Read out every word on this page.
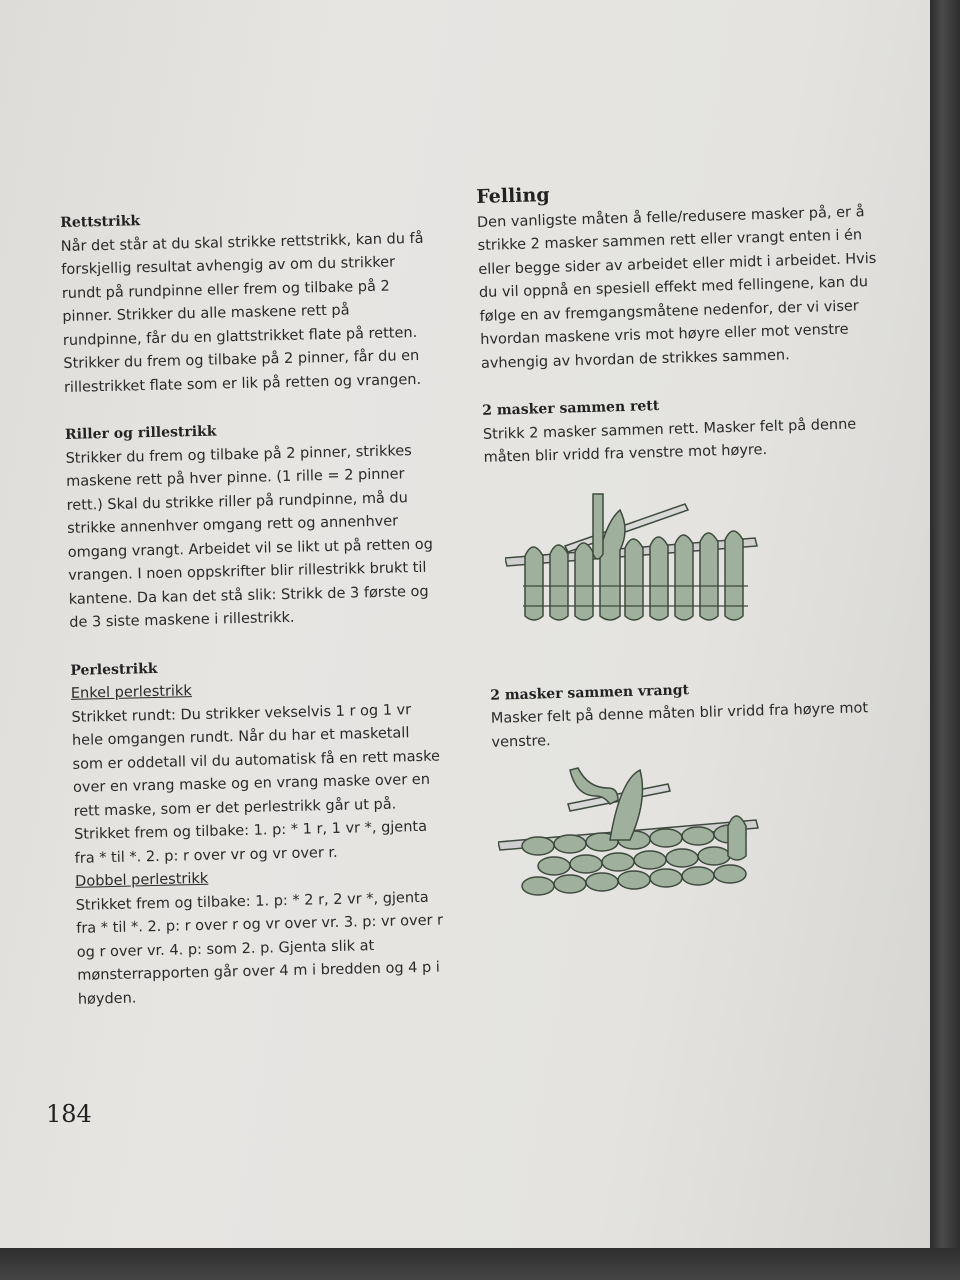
Rettstrikk

Når det står at du skal strikke rettstrikk, kan du få forskjellig resultat avhengig av om du strikker rundt på rundpinne eller frem og tilbake på 2 pinner. Strikker du alle maskene rett på rundpinne, får du en glattstrikket flate på retten. Strikker du frem og tilbake på 2 pinner, får du en rillestrikket flate som er lik på retten og vrangen.

Riller og rillestrikk

Strikker du frem og tilbake på 2 pinner, strikkes maskene rett på hver pinne. (1 rille = 2 pinner rett.) Skal du strikke riller på rundpinne, må du strikke annenhver omgang rett og annenhver omgang vrangt. Arbeidet vil se likt ut på retten og vrangen. I noen oppskrifter blir rillestrikk brukt til kantene. Da kan det stå slik: Strikk de 3 første og de 3 siste maskene i rillestrikk.

Perlestrikk

Enkel perlestrikk

Strikket rundt: Du strikker vekselvis 1 r og 1 vr hele omgangen rundt. Når du har et masketall som er oddetall vil du automatisk få en rett maske over en vrang maske og en vrang maske over en rett maske, som er det perlestrikk går ut på.

Strikket frem og tilbake: 1. p: * 1 r, 1 vr *, gjenta fra * til *. 2. p: r over vr og vr over r.

Dobbel perlestrikk

Strikket frem og tilbake: 1. p: * 2 r, 2 vr *, gjenta fra * til *. 2. p: r over r og vr over vr. 3. p: vr over r og r over vr. 4. p: som 2. p. Gjenta slik at mønsterrapporten går over 4 m i bredden og 4 p i høyden.

Felling

Den vanligste måten å felle/redusere masker på, er å strikke 2 masker sammen rett eller vrangt enten i én eller begge sider av arbeidet eller midt i arbeidet. Hvis du vil oppnå en spesiell effekt med fellingene, kan du følge en av fremgangsmåtene nedenfor, der vi viser hvordan maskene vris mot høyre eller mot venstre avhengig av hvordan de strikkes sammen.

2 masker sammen rett

Strikk 2 masker sammen rett. Masker felt på denne måten blir vridd fra venstre mot høyre.

2 masker sammen vrangt

Masker felt på denne måten blir vridd fra høyre mot venstre.

184
